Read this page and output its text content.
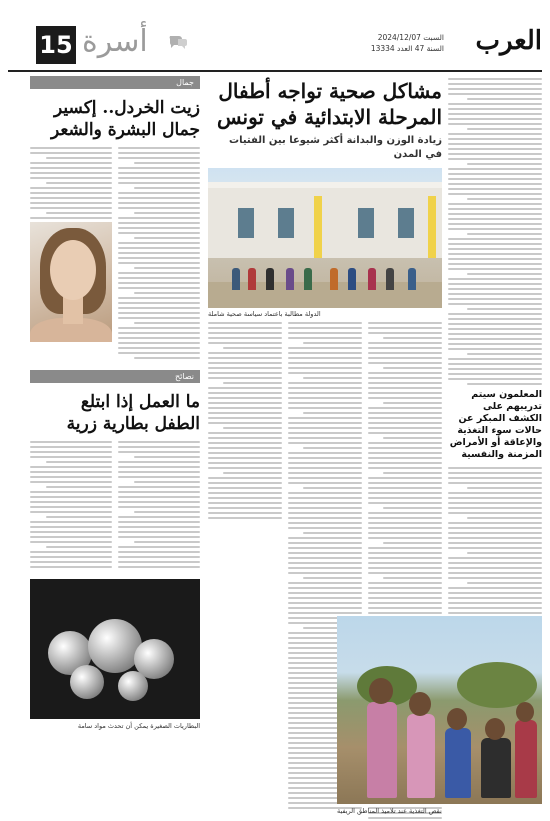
العرب
السبت 2024/12/07
السنة 47 العدد 13334
15 أسرة
جمال
زيت الخردل.. إكسير جمال البشرة والشعر
نصائح
ما العمل إذا ابتلع الطفل بطارية زرية
البطاريات الصغيرة يمكن أن تحدث مواد سامة
مشاكل صحية تواجه أطفال المرحلة الابتدائية في تونس
زيادة الوزن والبدانة أكثر شيوعا بين الفتيات في المدن
المعلمون سيتم تدريبهم على الكشف المبكر عن حالات سوء التغذية والإعاقة أو الأمراض المزمنة والنفسية
الدولة مطالبة باعتماد سياسة صحية شاملة
نقص التغذية عند تلاميذ المناطق الريفية
